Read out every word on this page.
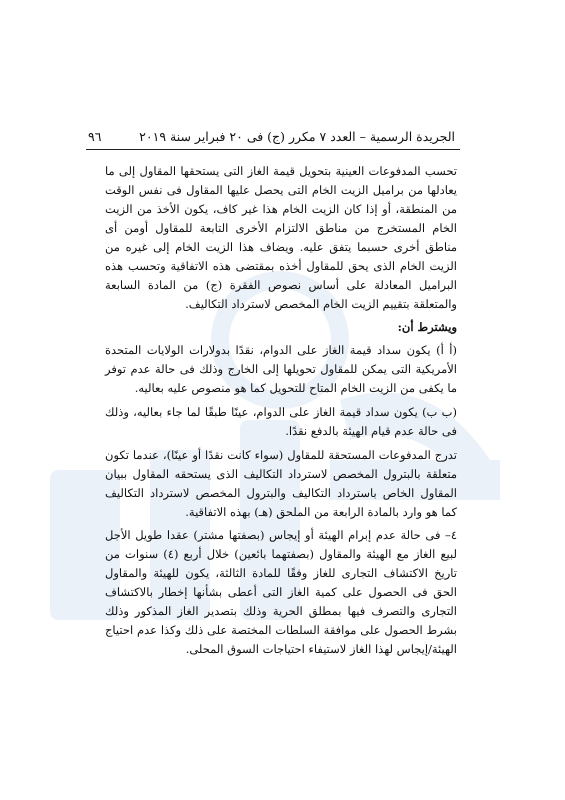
الجريدة الرسمية – العدد ٧ مكرر (ج) فى ٢٠ فبراير سنة ٢٠١٩
٩٦

تحسب المدفوعات العينية بتحويل قيمة الغاز التى يستحقها المقاول إلى ما يعادلها من براميل الزيت الخام التى يحصل عليها المقاول فى نفس الوقت من المنطقة، أو إذا كان الزيت الخام هذا غير كاف، يكون الأخذ من الزيت الخام المستخرج من مناطق الالتزام الأخرى التابعة للمقاول أومن أى مناطق أخرى حسبما يتفق عليه. ويضاف هذا الزيت الخام إلى غيره من الزيت الخام الذى يحق للمقاول أخذه بمقتضى هذه الاتفاقية وتحسب هذه البراميل المعادلة على أساس نصوص الفقرة (ج) من المادة السابعة والمتعلقة بتقييم الزيت الخام المخصص لاسترداد التكاليف.

ويشترط أن:

(أ أ) يكون سداد قيمة الغاز على الدوام، نقدًا بدولارات الولايات المتحدة الأمريكية التى يمكن للمقاول تحويلها إلى الخارج وذلك فى حالة عدم توفر ما يكفى من الزيت الخام المتاح للتحويل كما هو منصوص عليه بعاليه.

(ب ب) يكون سداد قيمة الغاز على الدوام، عينًا طبقًا لما جاء بعاليه، وذلك فى حالة عدم قيام الهيئة بالدفع نقدًا.

تدرج المدفوعات المستحقة للمقاول (سواء كانت نقدًا أو عينًا)، عندما تكون متعلقة بالبترول المخصص لاسترداد التكاليف الذى يستحقه المقاول ببيان المقاول الخاص باسترداد التكاليف والبترول المخصص لاسترداد التكاليف كما هو وارد بالمادة الرابعة من الملحق (هـ) بهذه الاتفاقية.

٤– فى حالة عدم إبرام الهيئة أو إيجاس (بصفتها مشتر) عقدا طويل الأجل لبيع الغاز مع الهيئة والمقاول (بصفتهما بائعين) خلال أربع (٤) سنوات من تاريخ الاكتشاف التجارى للغاز وفقًا للمادة الثالثة، يكون للهيئة والمقاول الحق فى الحصول على كمية الغاز التى أعطى بشأنها إخطار بالاكتشاف التجارى والتصرف فيها بمطلق الحرية وذلك بتصدير الغاز المذكور وذلك بشرط الحصول على موافقة السلطات المختصة على ذلك وكذا عدم احتياج الهيئة/إيجاس لهذا الغاز لاستيفاء احتياجات السوق المحلى.
